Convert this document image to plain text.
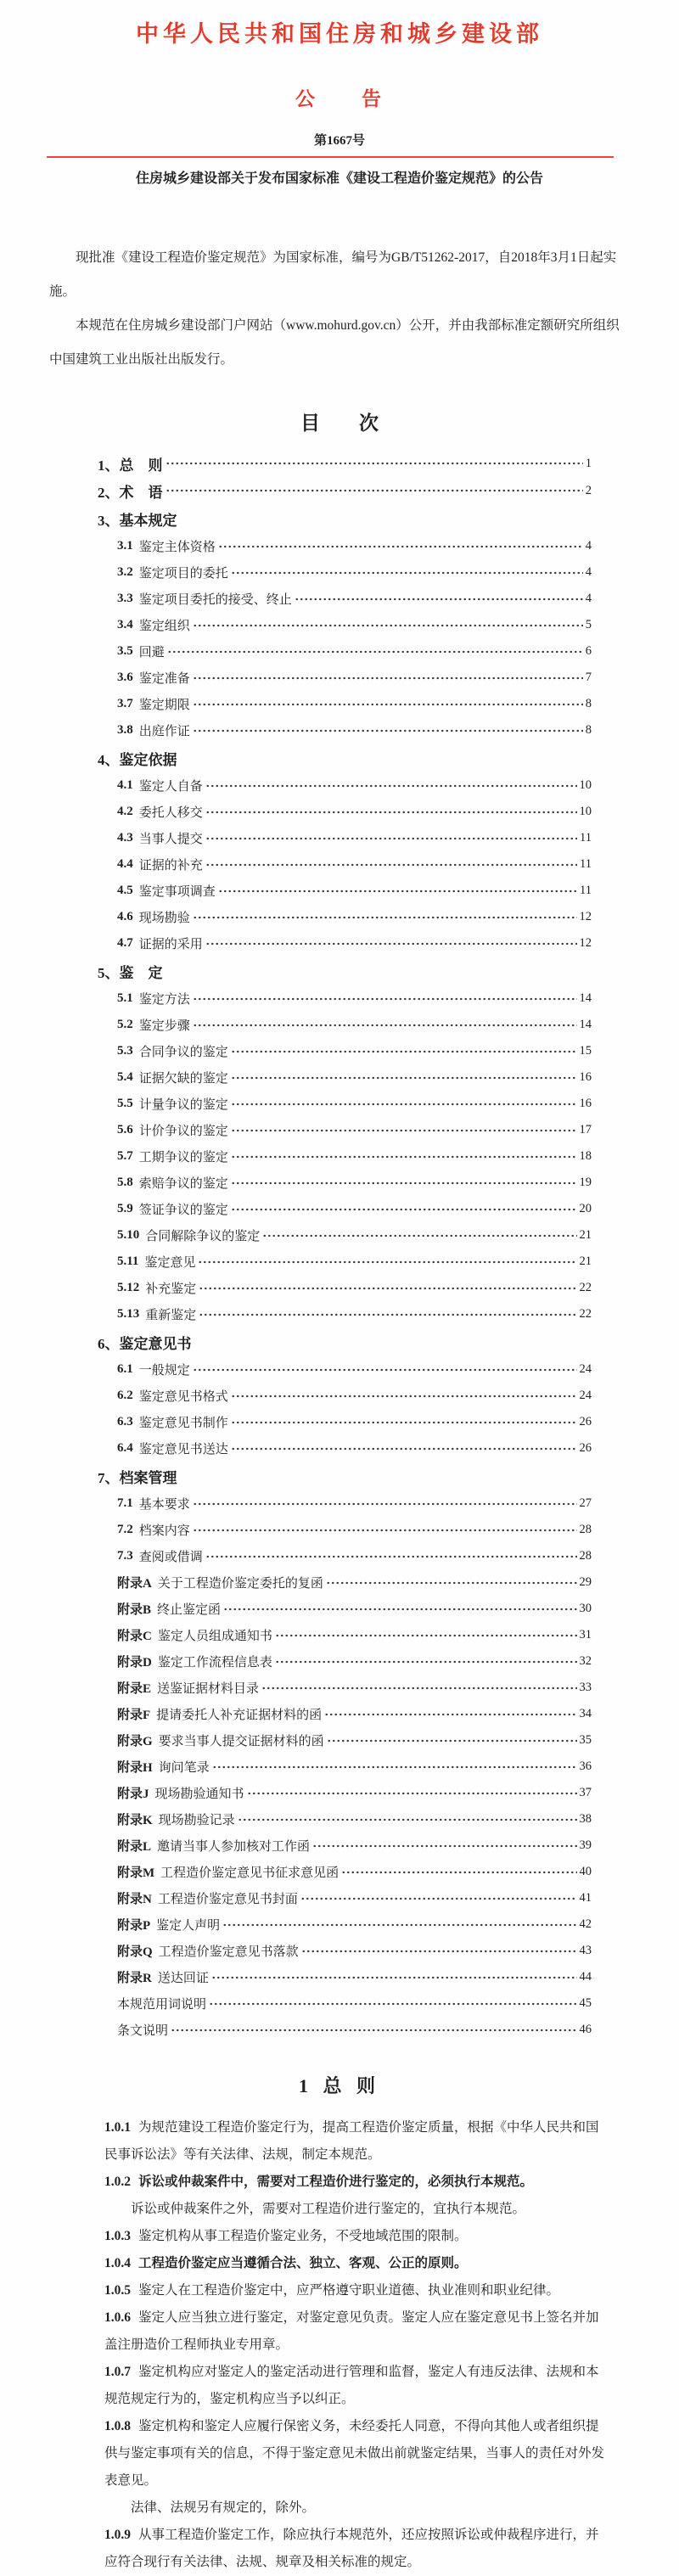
中华人民共和国住房和城乡建设部
公　　告
第1667号
住房城乡建设部关于发布国家标准《建设工程造价鉴定规范》的公告

现批准《建设工程造价鉴定规范》为国家标准，编号为GB/T51262-2017，自2018年3月1日起实施。

本规范在住房城乡建设部门户网站（www.mohurd.gov.cn）公开，并由我部标准定额研究所组织中国建筑工业出版社出版发行。

目　　次
1、总　则	1
2、术　语	2
3、基本规定
3.1 鉴定主体资格	4
3.2 鉴定项目的委托	4
3.3 鉴定项目委托的接受、终止	4
3.4 鉴定组织	5
3.5 回避	6
3.6 鉴定准备	7
3.7 鉴定期限	8
3.8 出庭作证	8
4、鉴定依据
4.1 鉴定人自备	10
4.2 委托人移交	10
4.3 当事人提交	11
4.4 证据的补充	11
4.5 鉴定事项调查	11
4.6 现场勘验	12
4.7 证据的采用	12
5、鉴　定
5.1 鉴定方法	14
5.2 鉴定步骤	14
5.3 合同争议的鉴定	15
5.4 证据欠缺的鉴定	16
5.5 计量争议的鉴定	16
5.6 计价争议的鉴定	17
5.7 工期争议的鉴定	18
5.8 索赔争议的鉴定	19
5.9 签证争议的鉴定	20
5.10 合同解除争议的鉴定	21
5.11 鉴定意见	21
5.12 补充鉴定	22
5.13 重新鉴定	22
6、鉴定意见书
6.1 一般规定	24
6.2 鉴定意见书格式	24
6.3 鉴定意见书制作	26
6.4 鉴定意见书送达	26
7、档案管理
7.1 基本要求	27
7.2 档案内容	28
7.3 查阅或借调	28
附录A 关于工程造价鉴定委托的复函	29
附录B 终止鉴定函	30
附录C 鉴定人员组成通知书	31
附录D 鉴定工作流程信息表	32
附录E 送鉴证据材料目录	33
附录F 提请委托人补充证据材料的函	34
附录G 要求当事人提交证据材料的函	35
附录H 询问笔录	36
附录J 现场勘验通知书	37
附录K 现场勘验记录	38
附录L 邀请当事人参加核对工作函	39
附录M 工程造价鉴定意见书征求意见函	40
附录N 工程造价鉴定意见书封面	41
附录P 鉴定人声明	42
附录Q 工程造价鉴定意见书落款	43
附录R 送达回证	44
本规范用词说明	45
条文说明	46
1 总 则

1.0.1 为规范建设工程造价鉴定行为，提高工程造价鉴定质量，根据《中华人民共和国民事诉讼法》等有关法律、法规，制定本规范。

1.0.2 诉讼或仲裁案件中，需要对工程造价进行鉴定的，必须执行本规范。

诉讼或仲裁案件之外，需要对工程造价进行鉴定的，宜执行本规范。

1.0.3 鉴定机构从事工程造价鉴定业务，不受地域范围的限制。

1.0.4 工程造价鉴定应当遵循合法、独立、客观、公正的原则。

1.0.5 鉴定人在工程造价鉴定中，应严格遵守职业道德、执业准则和职业纪律。

1.0.6 鉴定人应当独立进行鉴定，对鉴定意见负责。鉴定人应在鉴定意见书上签名并加盖注册造价工程师执业专用章。

1.0.7 鉴定机构应对鉴定人的鉴定活动进行管理和监督，鉴定人有违反法律、法规和本规范规定行为的，鉴定机构应当予以纠正。

1.0.8 鉴定机构和鉴定人应履行保密义务，未经委托人同意，不得向其他人或者组织提供与鉴定事项有关的信息，不得于鉴定意见未做出前就鉴定结果，当事人的责任对外发表意见。

法律、法规另有规定的，除外。

1.0.9 从事工程造价鉴定工作，除应执行本规范外，还应按照诉讼或仲裁程序进行，并应符合现行有关法律、法规、规章及相关标准的规定。
